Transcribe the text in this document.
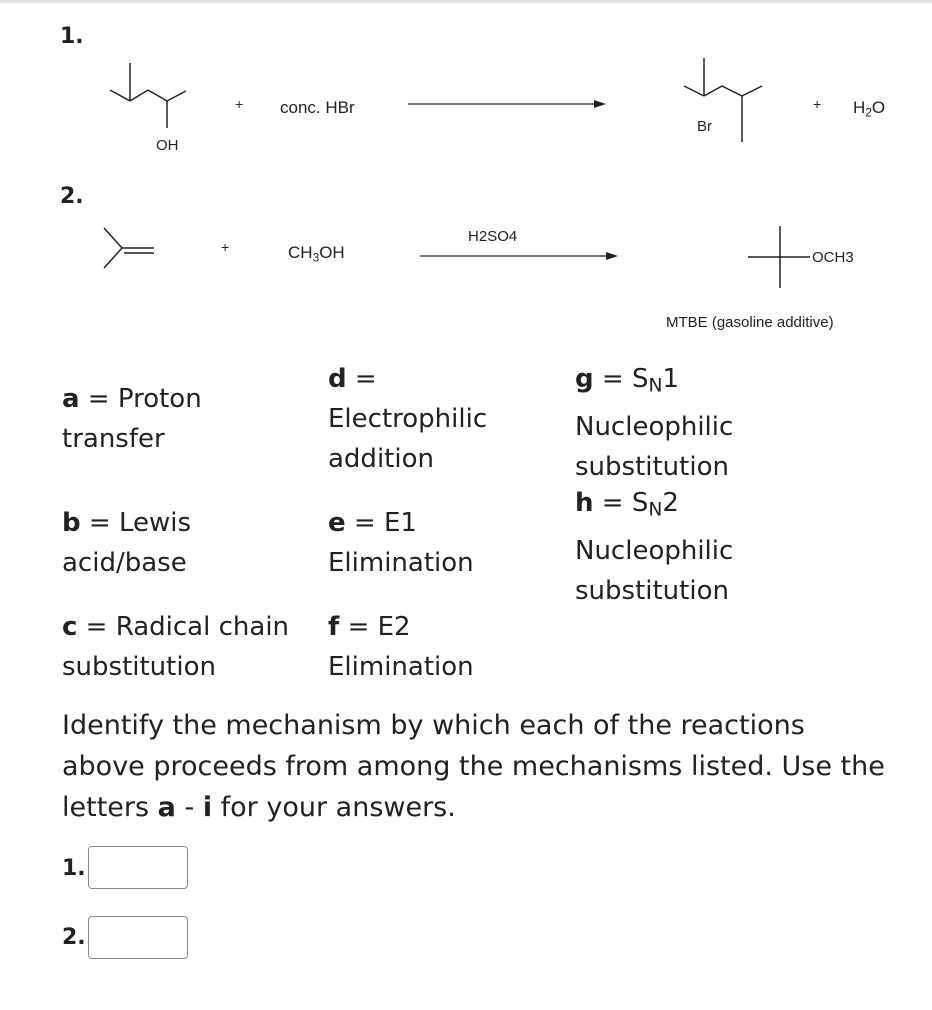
1.
OH
+ conc. HBr
Br
+ $H_2O$
2.
+	$CH_3OH$
H2SO4
OCH3
MTBE (gasoline additive)
a = Proton
transfer
b = Lewis
acid/base
c = Radical chain
substitution
d =
Electrophilic
addition
e = E1
Elimination
f = E2
Elimination
$g = S_N1$
Nucleophilic
substitution
$h = S_N2$
Nucleophilic
substitution
Identify the mechanism by which each of the reactions above proceeds from among the mechanisms listed. Use the letters a - i for your answers.
1.
2.
